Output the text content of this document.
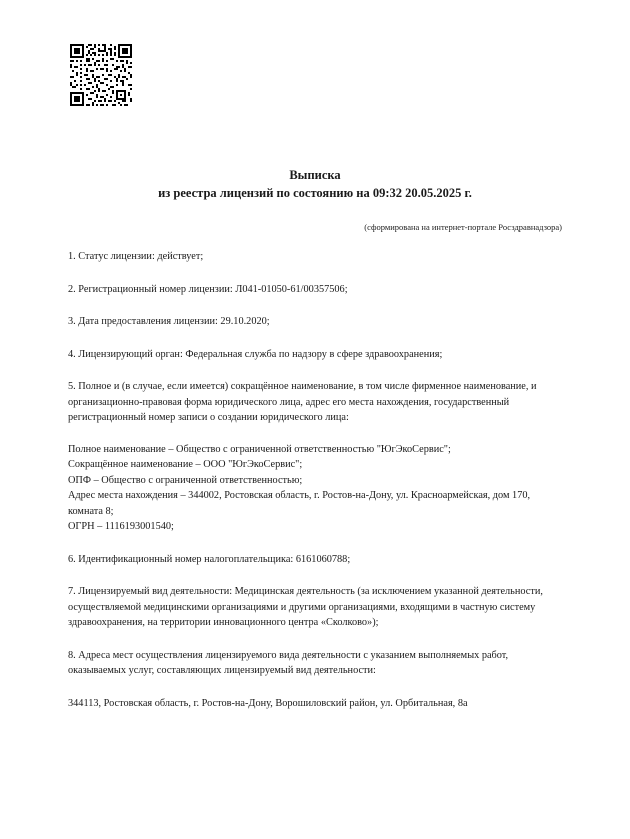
Выписка
из реестра лицензий по состоянию на 09:32 20.05.2025 г.
(сформирована на интернет-портале Росздравнадзора)
1. Статус лицензии: действует;
2. Регистрационный номер лицензии: Л041-01050-61/00357506;
3. Дата предоставления лицензии: 29.10.2020;
4. Лицензирующий орган: Федеральная служба по надзору в сфере здравоохранения;
5. Полное и (в случае, если имеется) сокращённое наименование, в том числе фирменное наименование, и организационно-правовая форма юридического лица, адрес его места нахождения, государственный регистрационный номер записи о создании юридического лица:
Полное наименование – Общество с ограниченной ответственностью "ЮгЭкоСервис";
Сокращённое наименование – ООО "ЮгЭкоСервис";
ОПФ – Общество с ограниченной ответственностью;
Адрес места нахождения – 344002, Ростовская область, г. Ростов-на-Дону, ул. Красноармейская, дом 170, комната 8;
ОГРН – 1116193001540;
6. Идентификационный номер налогоплательщика: 6161060788;
7. Лицензируемый вид деятельности: Медицинская деятельность (за исключением указанной деятельности, осуществляемой медицинскими организациями и другими организациями, входящими в частную систему здравоохранения, на территории инновационного центра «Сколково»);
8. Адреса мест осуществления лицензируемого вида деятельности с указанием выполняемых работ, оказываемых услуг, составляющих лицензируемый вид деятельности:
344113, Ростовская область, г. Ростов-на-Дону, Ворошиловский район, ул. Орбитальная, 8а
